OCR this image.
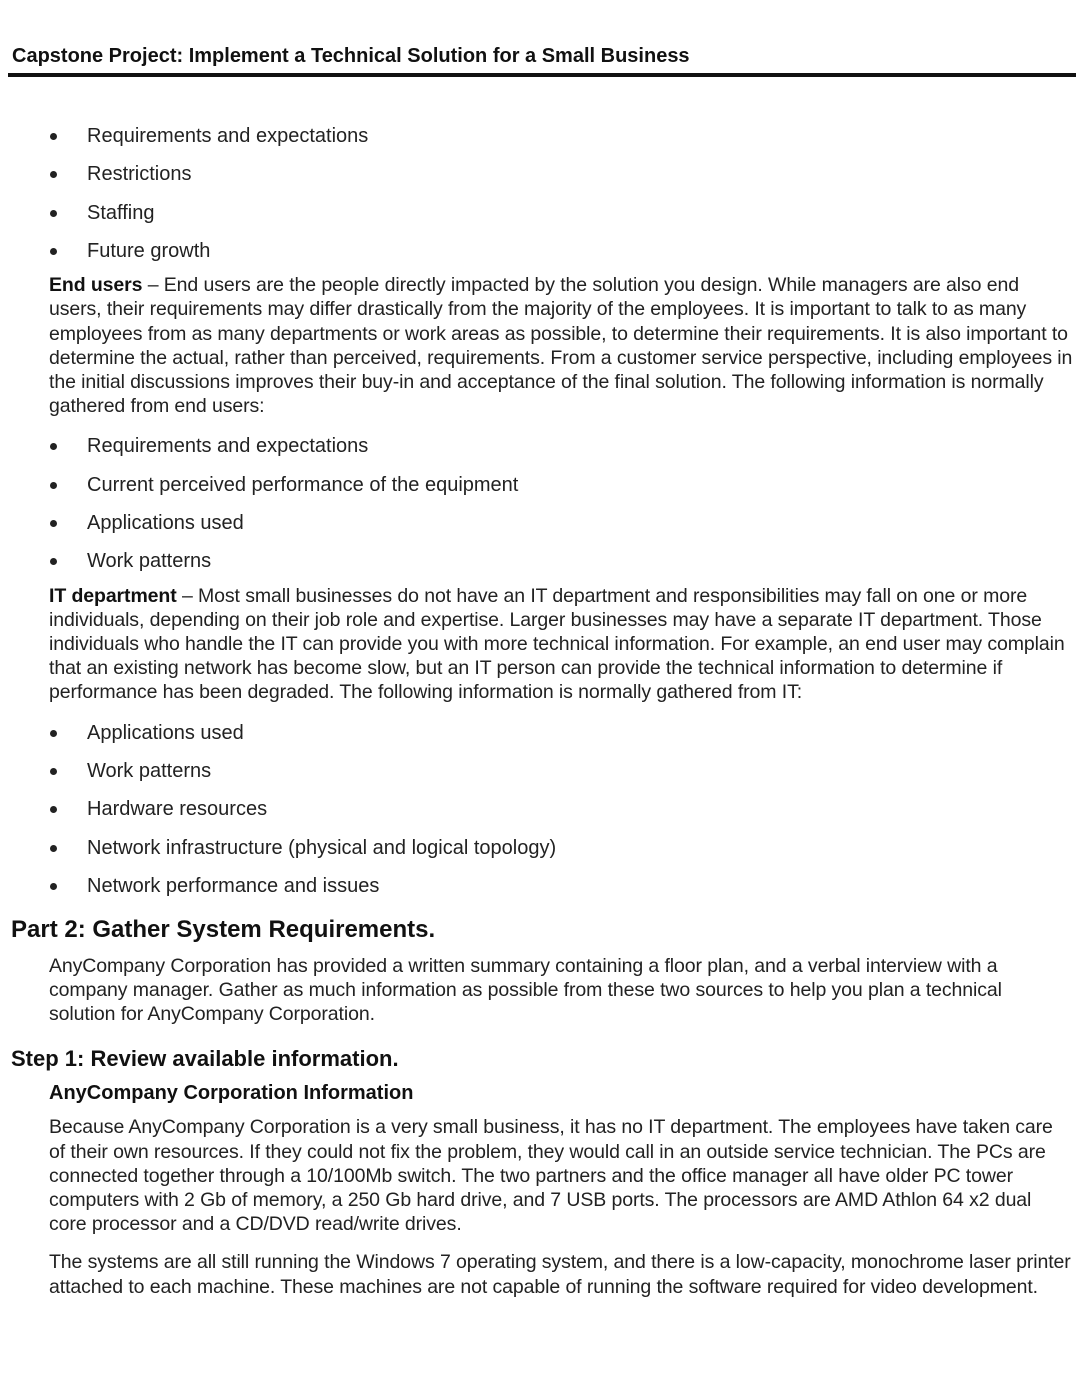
Capstone Project: Implement a Technical Solution for a Small Business
Requirements and expectations
Restrictions
Staffing
Future growth

End users – End users are the people directly impacted by the solution you design. While managers are also end users, their requirements may differ drastically from the majority of the employees. It is important to talk to as many employees from as many departments or work areas as possible, to determine their requirements. It is also important to determine the actual, rather than perceived, requirements. From a customer service perspective, including employees in the initial discussions improves their buy-in and acceptance of the final solution. The following information is normally gathered from end users:

Requirements and expectations
Current perceived performance of the equipment
Applications used
Work patterns

IT department – Most small businesses do not have an IT department and responsibilities may fall on one or more individuals, depending on their job role and expertise. Larger businesses may have a separate IT department. Those individuals who handle the IT can provide you with more technical information. For example, an end user may complain that an existing network has become slow, but an IT person can provide the technical information to determine if performance has been degraded. The following information is normally gathered from IT:

Applications used
Work patterns
Hardware resources
Network infrastructure (physical and logical topology)
Network performance and issues
Part 2: Gather System Requirements.

AnyCompany Corporation has provided a written summary containing a floor plan, and a verbal interview with a company manager. Gather as much information as possible from these two sources to help you plan a technical solution for AnyCompany Corporation.

Step 1: Review available information.
AnyCompany Corporation Information

Because AnyCompany Corporation is a very small business, it has no IT department. The employees have taken care of their own resources. If they could not fix the problem, they would call in an outside service technician. The PCs are connected together through a 10/100Mb switch. The two partners and the office manager all have older PC tower computers with 2 Gb of memory, a 250 Gb hard drive, and 7 USB ports. The processors are AMD Athlon 64 x2 dual core processor and a CD/DVD read/write drives.

The systems are all still running the Windows 7 operating system, and there is a low-capacity, monochrome laser printer attached to each machine. These machines are not capable of running the software required for video development.
